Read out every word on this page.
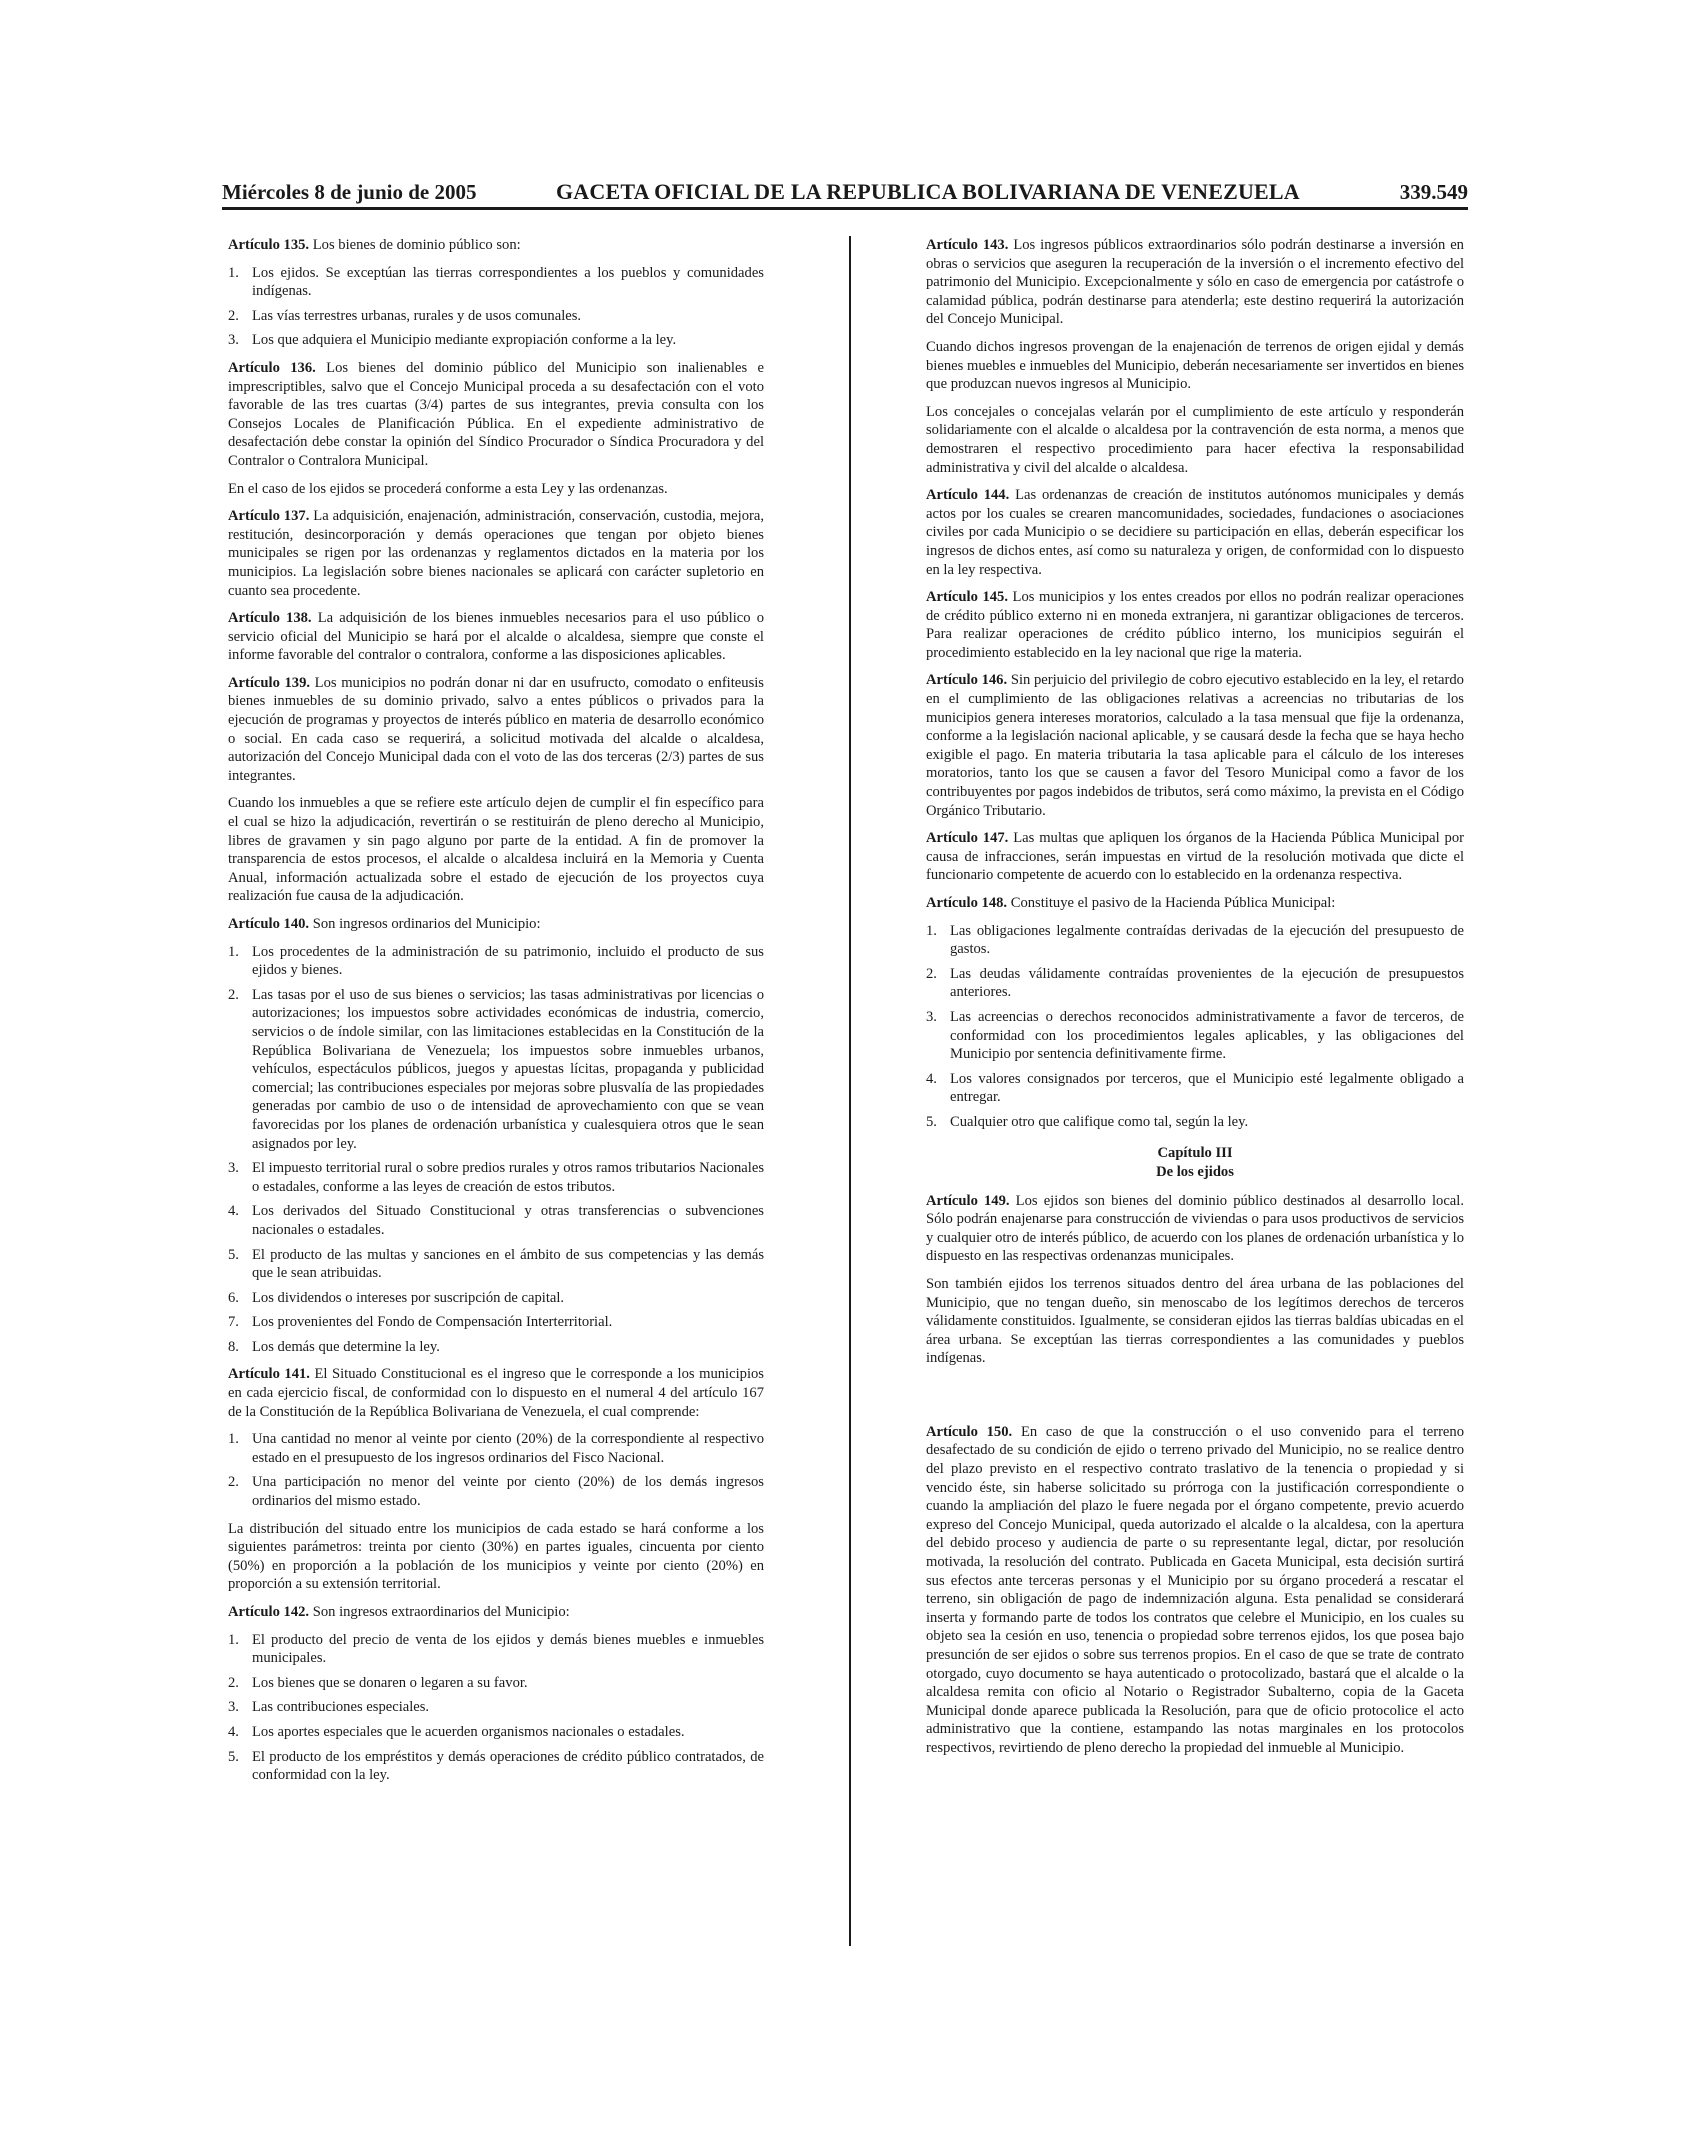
Miércoles 8 de junio de 2005	GACETA OFICIAL DE LA REPUBLICA BOLIVARIANA DE VENEZUELA	339.549

Artículo 135. Los bienes de dominio público son:

1. Los ejidos. Se exceptúan las tierras correspondientes a los pueblos y comunidades indígenas.
2. Las vías terrestres urbanas, rurales y de usos comunales.
3. Los que adquiera el Municipio mediante expropiación conforme a la ley.

Artículo 136. Los bienes del dominio público del Municipio son inalienables e imprescriptibles, salvo que el Concejo Municipal proceda a su desafectación con el voto favorable de las tres cuartas (3/4) partes de sus integrantes, previa consulta con los Consejos Locales de Planificación Pública. En el expediente administrativo de desafectación debe constar la opinión del Síndico Procurador o Síndica Procuradora y del Contralor o Contralora Municipal.

En el caso de los ejidos se procederá conforme a esta Ley y las ordenanzas.

Artículo 137. La adquisición, enajenación, administración, conservación, custodia, mejora, restitución, desincorporación y demás operaciones que tengan por objeto bienes municipales se rigen por las ordenanzas y reglamentos dictados en la materia por los municipios. La legislación sobre bienes nacionales se aplicará con carácter supletorio en cuanto sea procedente.

Artículo 138. La adquisición de los bienes inmuebles necesarios para el uso público o servicio oficial del Municipio se hará por el alcalde o alcaldesa, siempre que conste el informe favorable del contralor o contralora, conforme a las disposiciones aplicables.

Artículo 139. Los municipios no podrán donar ni dar en usufructo, comodato o enfiteusis bienes inmuebles de su dominio privado, salvo a entes públicos o privados para la ejecución de programas y proyectos de interés público en materia de desarrollo económico o social. En cada caso se requerirá, a solicitud motivada del alcalde o alcaldesa, autorización del Concejo Municipal dada con el voto de las dos terceras (2/3) partes de sus integrantes.

Cuando los inmuebles a que se refiere este artículo dejen de cumplir el fin específico para el cual se hizo la adjudicación, revertirán o se restituirán de pleno derecho al Municipio, libres de gravamen y sin pago alguno por parte de la entidad. A fin de promover la transparencia de estos procesos, el alcalde o alcaldesa incluirá en la Memoria y Cuenta Anual, información actualizada sobre el estado de ejecución de los proyectos cuya realización fue causa de la adjudicación.

Artículo 140. Son ingresos ordinarios del Municipio:

1. Los procedentes de la administración de su patrimonio, incluido el producto de sus ejidos y bienes.
2. Las tasas por el uso de sus bienes o servicios; las tasas administrativas por licencias o autorizaciones; los impuestos sobre actividades económicas de industria, comercio, servicios o de índole similar, con las limitaciones establecidas en la Constitución de la República Bolivariana de Venezuela; los impuestos sobre inmuebles urbanos, vehículos, espectáculos públicos, juegos y apuestas lícitas, propaganda y publicidad comercial; las contribuciones especiales por mejoras sobre plusvalía de las propiedades generadas por cambio de uso o de intensidad de aprovechamiento con que se vean favorecidas por los planes de ordenación urbanística y cualesquiera otros que le sean asignados por ley.
3. El impuesto territorial rural o sobre predios rurales y otros ramos tributarios Nacionales o estadales, conforme a las leyes de creación de estos tributos.
4. Los derivados del Situado Constitucional y otras transferencias o subvenciones nacionales o estadales.
5. El producto de las multas y sanciones en el ámbito de sus competencias y las demás que le sean atribuidas.
6. Los dividendos o intereses por suscripción de capital.
7. Los provenientes del Fondo de Compensación Interterritorial.
8. Los demás que determine la ley.

Artículo 141. El Situado Constitucional es el ingreso que le corresponde a los municipios en cada ejercicio fiscal, de conformidad con lo dispuesto en el numeral 4 del artículo 167 de la Constitución de la República Bolivariana de Venezuela, el cual comprende:

1. Una cantidad no menor al veinte por ciento (20%) de la correspondiente al respectivo estado en el presupuesto de los ingresos ordinarios del Fisco Nacional.
2. Una participación no menor del veinte por ciento (20%) de los demás ingresos ordinarios del mismo estado.

La distribución del situado entre los municipios de cada estado se hará conforme a los siguientes parámetros: treinta por ciento (30%) en partes iguales, cincuenta por ciento (50%) en proporción a la población de los municipios y veinte por ciento (20%) en proporción a su extensión territorial.

Artículo 142. Son ingresos extraordinarios del Municipio:

1. El producto del precio de venta de los ejidos y demás bienes muebles e inmuebles municipales.
2. Los bienes que se donaren o legaren a su favor.
3. Las contribuciones especiales.
4. Los aportes especiales que le acuerden organismos nacionales o estadales.
5. El producto de los empréstitos y demás operaciones de crédito público contratados, de conformidad con la ley.

Artículo 143. Los ingresos públicos extraordinarios sólo podrán destinarse a inversión en obras o servicios que aseguren la recuperación de la inversión o el incremento efectivo del patrimonio del Municipio. Excepcionalmente y sólo en caso de emergencia por catástrofe o calamidad pública, podrán destinarse para atenderla; este destino requerirá la autorización del Concejo Municipal.

Cuando dichos ingresos provengan de la enajenación de terrenos de origen ejidal y demás bienes muebles e inmuebles del Municipio, deberán necesariamente ser invertidos en bienes que produzcan nuevos ingresos al Municipio.

Los concejales o concejalas velarán por el cumplimiento de este artículo y responderán solidariamente con el alcalde o alcaldesa por la contravención de esta norma, a menos que demostraren el respectivo procedimiento para hacer efectiva la responsabilidad administrativa y civil del alcalde o alcaldesa.

Artículo 144. Las ordenanzas de creación de institutos autónomos municipales y demás actos por los cuales se crearen mancomunidades, sociedades, fundaciones o asociaciones civiles por cada Municipio o se decidiere su participación en ellas, deberán especificar los ingresos de dichos entes, así como su naturaleza y origen, de conformidad con lo dispuesto en la ley respectiva.

Artículo 145. Los municipios y los entes creados por ellos no podrán realizar operaciones de crédito público externo ni en moneda extranjera, ni garantizar obligaciones de terceros. Para realizar operaciones de crédito público interno, los municipios seguirán el procedimiento establecido en la ley nacional que rige la materia.

Artículo 146. Sin perjuicio del privilegio de cobro ejecutivo establecido en la ley, el retardo en el cumplimiento de las obligaciones relativas a acreencias no tributarias de los municipios genera intereses moratorios, calculado a la tasa mensual que fije la ordenanza, conforme a la legislación nacional aplicable, y se causará desde la fecha que se haya hecho exigible el pago. En materia tributaria la tasa aplicable para el cálculo de los intereses moratorios, tanto los que se causen a favor del Tesoro Municipal como a favor de los contribuyentes por pagos indebidos de tributos, será como máximo, la prevista en el Código Orgánico Tributario.

Artículo 147. Las multas que apliquen los órganos de la Hacienda Pública Municipal por causa de infracciones, serán impuestas en virtud de la resolución motivada que dicte el funcionario competente de acuerdo con lo establecido en la ordenanza respectiva.

Artículo 148. Constituye el pasivo de la Hacienda Pública Municipal:

1. Las obligaciones legalmente contraídas derivadas de la ejecución del presupuesto de gastos.
2. Las deudas válidamente contraídas provenientes de la ejecución de presupuestos anteriores.
3. Las acreencias o derechos reconocidos administrativamente a favor de terceros, de conformidad con los procedimientos legales aplicables, y las obligaciones del Municipio por sentencia definitivamente firme.
4. Los valores consignados por terceros, que el Municipio esté legalmente obligado a entregar.
5. Cualquier otro que califique como tal, según la ley.
Capítulo III
De los ejidos

Artículo 149. Los ejidos son bienes del dominio público destinados al desarrollo local. Sólo podrán enajenarse para construcción de viviendas o para usos productivos de servicios y cualquier otro de interés público, de acuerdo con los planes de ordenación urbanística y lo dispuesto en las respectivas ordenanzas municipales.

Son también ejidos los terrenos situados dentro del área urbana de las poblaciones del Municipio, que no tengan dueño, sin menoscabo de los legítimos derechos de terceros válidamente constituidos. Igualmente, se consideran ejidos las tierras baldías ubicadas en el área urbana. Se exceptúan las tierras correspondientes a las comunidades y pueblos indígenas.

Artículo 150. En caso de que la construcción o el uso convenido para el terreno desafectado de su condición de ejido o terreno privado del Municipio, no se realice dentro del plazo previsto en el respectivo contrato traslativo de la tenencia o propiedad y si vencido éste, sin haberse solicitado su prórroga con la justificación correspondiente o cuando la ampliación del plazo le fuere negada por el órgano competente, previo acuerdo expreso del Concejo Municipal, queda autorizado el alcalde o la alcaldesa, con la apertura del debido proceso y audiencia de parte o su representante legal, dictar, por resolución motivada, la resolución del contrato. Publicada en Gaceta Municipal, esta decisión surtirá sus efectos ante terceras personas y el Municipio por su órgano procederá a rescatar el terreno, sin obligación de pago de indemnización alguna. Esta penalidad se considerará inserta y formando parte de todos los contratos que celebre el Municipio, en los cuales su objeto sea la cesión en uso, tenencia o propiedad sobre terrenos ejidos, los que posea bajo presunción de ser ejidos o sobre sus terrenos propios. En el caso de que se trate de contrato otorgado, cuyo documento se haya autenticado o protocolizado, bastará que el alcalde o la alcaldesa remita con oficio al Notario o Registrador Subalterno, copia de la Gaceta Municipal donde aparece publicada la Resolución, para que de oficio protocolice el acto administrativo que la contiene, estampando las notas marginales en los protocolos respectivos, revirtiendo de pleno derecho la propiedad del inmueble al Municipio.
